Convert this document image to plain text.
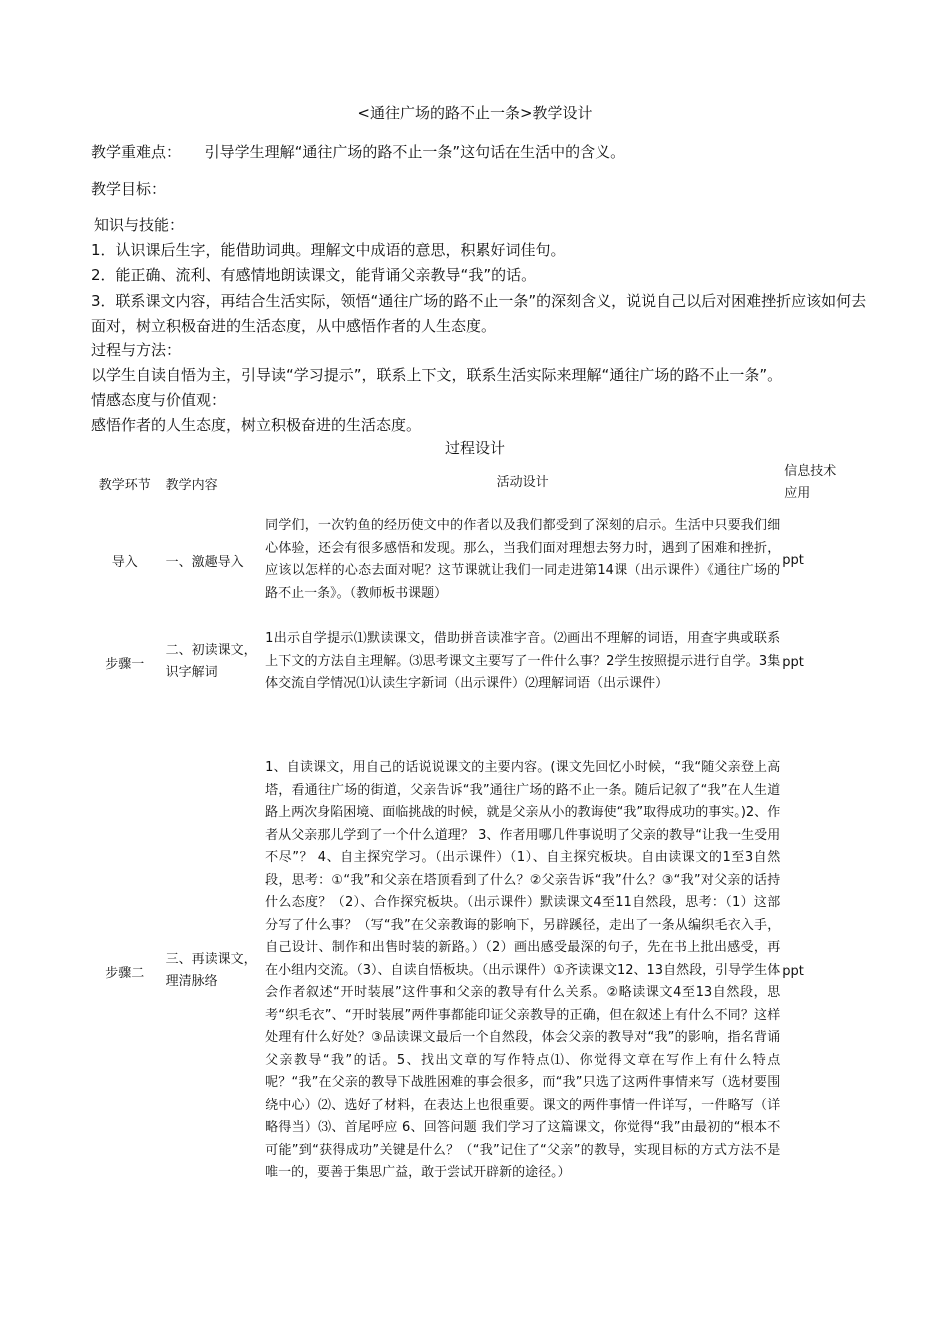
<通往广场的路不止一条>教学设计
教学重难点： 引导学生理解“通往广场的路不止一条”这句话在生活中的含义。
教学目标：
知识与技能：
1．认识课后生字，能借助词典。理解文中成语的意思，积累好词佳句。
2．能正确、流利、有感情地朗读课文，能背诵父亲教导“我”的话。
3．联系课文内容，再结合生活实际，领悟“通往广场的路不止一条”的深刻含义，说说自己以后对困难挫折应该如何去面对，树立积极奋进的生活态度，从中感悟作者的人生态度。
过程与方法：
以学生自读自悟为主，引导读“学习提示”，联系上下文，联系生活实际来理解“通往广场的路不止一条”。
情感态度与价值观：
感悟作者的人生态度，树立积极奋进的生活态度。
过程设计
教学环节	教学内容	活动设计	信息技术应用
导入	一、激趣导入	同学们，一次钓鱼的经历使文中的作者以及我们都受到了深刻的启示。生活中只要我们细心体验，还会有很多感悟和发现。那么，当我们面对理想去努力时，遇到了困难和挫折，应该以怎样的心态去面对呢？这节课就让我们一同走进第14课（出示课件）《通往广场的路不止一条》。（教师板书课题）	ppt
步骤一	二、初读课文，识字解词	1出示自学提示⑴默读课文，借助拼音读准字音。⑵画出不理解的词语，用查字典或联系上下文的方法自主理解。⑶思考课文主要写了一件什么事？2学生按照提示进行自学。3集体交流自学情况⑴认读生字新词（出示课件）⑵理解词语（出示课件）	ppt
步骤二	三、再读课文，理清脉络	1、自读课文，用自己的话说说课文的主要内容。(课文先回忆小时候，“我“随父亲登上高塔，看通往广场的街道，父亲告诉“我”通往广场的路不止一条。随后记叙了“我”在人生道路上两次身陷困境、面临挑战的时候，就是父亲从小的教诲使“我”取得成功的事实。)2、作者从父亲那儿学到了一个什么道理？ 3、作者用哪几件事说明了父亲的教导“让我一生受用不尽”？ 4、自主探究学习。（出示课件）（1）、自主探究板块。自由读课文的1至3自然段，思考：①“我”和父亲在塔顶看到了什么？②父亲告诉“我”什么？③“我”对父亲的话持什么态度？（2）、合作探究板块。（出示课件）默读课文4至11自然段，思考：（1）这部分写了什么事？（写“我”在父亲教诲的影响下，另辟蹊径，走出了一条从编织毛衣入手，自己设计、制作和出售时装的新路。）（2）画出感受最深的句子，先在书上批出感受，再在小组内交流。（3）、自读自悟板块。（出示课件）①齐读课文12、13自然段，引导学生体会作者叙述“开时装展”这件事和父亲的教导有什么关系。②略读课文4至13自然段，思考“织毛衣”、“开时装展”两件事都能印证父亲教导的正确，但在叙述上有什么不同？这样处理有什么好处？③品读课文最后一个自然段，体会父亲的教导对“我”的影响，指名背诵父亲教导“我”的话。5、找出文章的写作特点⑴、你觉得文章在写作上有什么特点呢？“我”在父亲的教导下战胜困难的事会很多，而“我”只选了这两件事情来写（选材要围绕中心）⑵、选好了材料，在表达上也很重要。课文的两件事情一件详写，一件略写（详略得当）⑶、首尾呼应 6、回答问题 我们学习了这篇课文，你觉得“我”由最初的“根本不可能”到“获得成功”关键是什么？（“我”记住了“父亲”的教导，实现目标的方式方法不是唯一的，要善于集思广益，敢于尝试开辟新的途径。）	ppt
